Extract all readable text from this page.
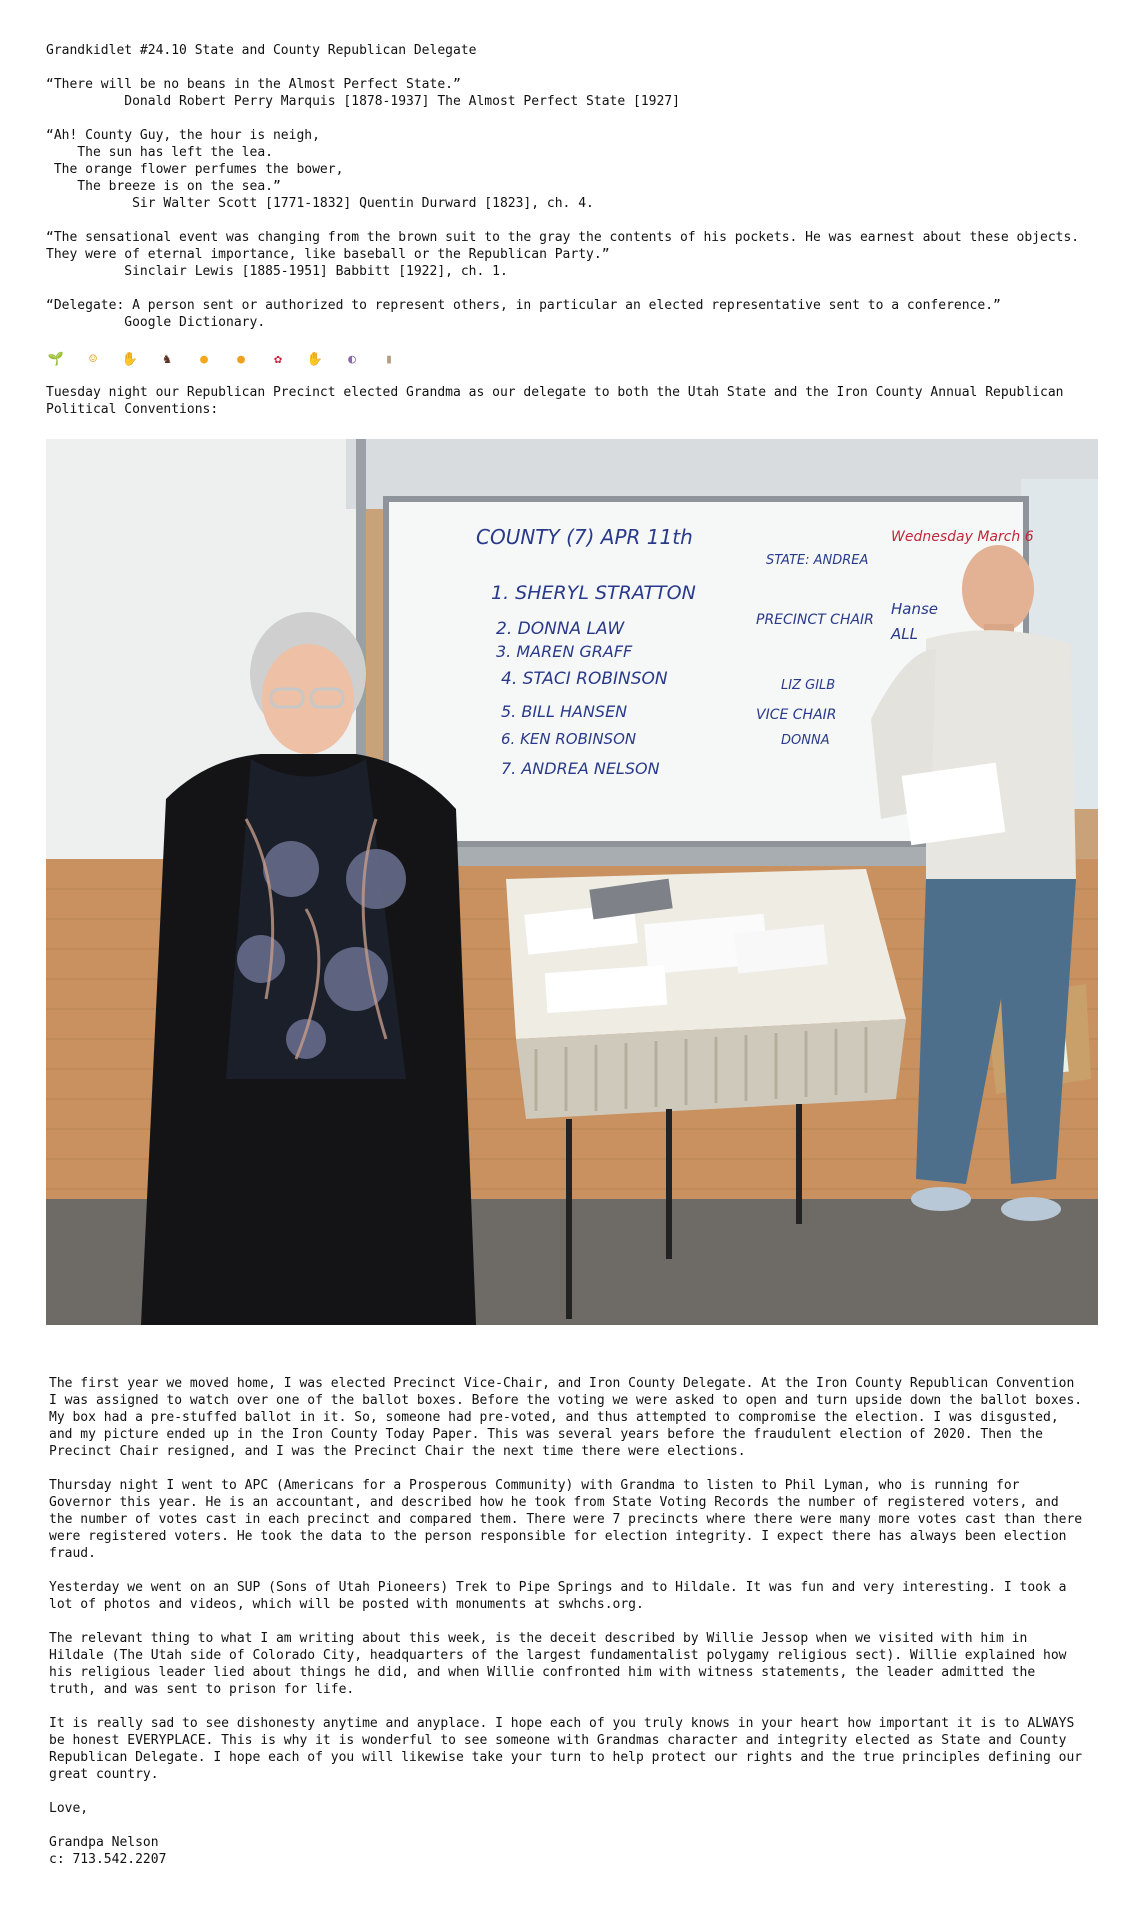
Grandkidlet #24.10 State and County Republican Delegate
“There will be no beans in the Almost Perfect State.”
Donald Robert Perry Marquis [1878-1937] The Almost Perfect State [1927]
“Ah! County Guy, the hour is neigh,
The sun has left the lea.
The orange flower perfumes the bower,
The breeze is on the sea.”
Sir Walter Scott [1771-1832] Quentin Durward [1823], ch. 4.
“The sensational event was changing from the brown suit to the gray the contents of his pockets. He was earnest about these objects.
They were of eternal importance, like baseball or the Republican Party.”
Sinclair Lewis [1885-1951] Babbitt [1922], ch. 1.
“Delegate: A person sent or authorized to represent others, in particular an elected representative sent to a conference.”
Google Dictionary.
🌱 ☺ ✋ ♞ ● ● ✿ ✋ ◐ ▮
Tuesday night our Republican Precinct elected Grandma as our delegate to both the Utah State and the Iron County Annual Republican
Political Conventions:
COUNTY (7) APR 11th
1. SHERYL STRATTON
2. DONNA LAW
3. MAREN GRAFF
4. STACI ROBINSON
5. BILL HANSEN
6. KEN ROBINSON
7. ANDREA NELSON
STATE: ANDREA
PRECINCT CHAIR
LIZ GILB
VICE CHAIR
DONNA
Hanse
ALL
Wednesday March 6
The first year we moved home, I was elected Precinct Vice-Chair, and Iron County Delegate. At the Iron County Republican Convention
I was assigned to watch over one of the ballot boxes. Before the voting we were asked to open and turn upside down the ballot boxes.
My box had a pre-stuffed ballot in it. So, someone had pre-voted, and thus attempted to compromise the election. I was disgusted,
and my picture ended up in the Iron County Today Paper. This was several years before the fraudulent election of 2020. Then the
Precinct Chair resigned, and I was the Precinct Chair the next time there were elections.
Thursday night I went to APC (Americans for a Prosperous Community) with Grandma to listen to Phil Lyman, who is running for
Governor this year. He is an accountant, and described how he took from State Voting Records the number of registered voters, and
the number of votes cast in each precinct and compared them. There were 7 precincts where there were many more votes cast than there
were registered voters. He took the data to the person responsible for election integrity. I expect there has always been election
fraud.
Yesterday we went on an SUP (Sons of Utah Pioneers) Trek to Pipe Springs and to Hildale. It was fun and very interesting. I took a
lot of photos and videos, which will be posted with monuments at swhchs.org.
The relevant thing to what I am writing about this week, is the deceit described by Willie Jessop when we visited with him in
Hildale (The Utah side of Colorado City, headquarters of the largest fundamentalist polygamy religious sect). Willie explained how
his religious leader lied about things he did, and when Willie confronted him with witness statements, the leader admitted the
truth, and was sent to prison for life.
It is really sad to see dishonesty anytime and anyplace. I hope each of you truly knows in your heart how important it is to ALWAYS
be honest EVERYPLACE. This is why it is wonderful to see someone with Grandmas character and integrity elected as State and County
Republican Delegate. I hope each of you will likewise take your turn to help protect our rights and the true principles defining our
great country.
Love,
Grandpa Nelson
c: 713.542.2207
